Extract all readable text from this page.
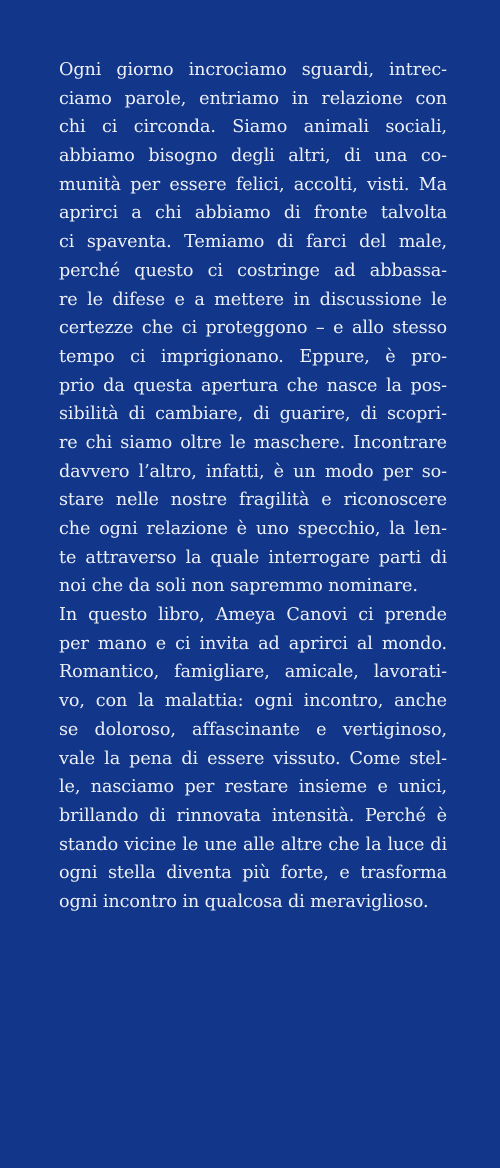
Ogni giorno incrociamo sguardi, intrec-
ciamo parole, entriamo in relazione con
chi ci circonda. Siamo animali sociali,
abbiamo bisogno degli altri, di una co-
munità per essere felici, accolti, visti. Ma
aprirci a chi abbiamo di fronte talvolta
ci spaventa. Temiamo di farci del male,
perché questo ci costringe ad abbassa-
re le difese e a mettere in discussione le
certezze che ci proteggono – e allo stesso
tempo ci imprigionano. Eppure, è pro-
prio da questa apertura che nasce la pos-
sibilità di cambiare, di guarire, di scopri-
re chi siamo oltre le maschere. Incontrare
davvero l’altro, infatti, è un modo per so-
stare nelle nostre fragilità e riconoscere
che ogni relazione è uno specchio, la len-
te attraverso la quale interrogare parti di
noi che da soli non sapremmo nominare.
In questo libro, Ameya Canovi ci prende
per mano e ci invita ad aprirci al mondo.
Romantico, famigliare, amicale, lavorati-
vo, con la malattia: ogni incontro, anche
se doloroso, affascinante e vertiginoso,
vale la pena di essere vissuto. Come stel-
le, nasciamo per restare insieme e unici,
brillando di rinnovata intensità. Perché è
stando vicine le une alle altre che la luce di
ogni stella diventa più forte, e trasforma
ogni incontro in qualcosa di meraviglioso.
